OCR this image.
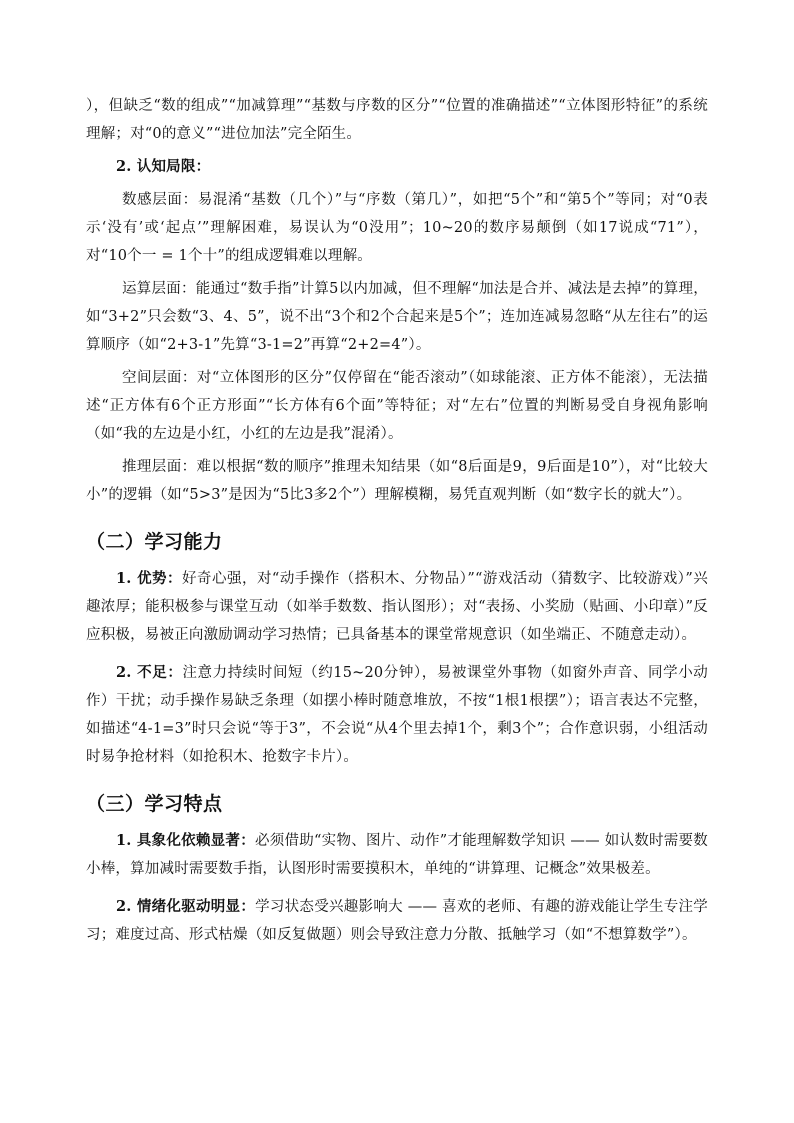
），但缺乏“数的组成”“加减算理”“基数与序数的区分”“位置的准确描述”“立体图形特征”的系统理解；对“0的意义”“进位加法”完全陌生。

2. 认知局限：

数感层面：易混淆“基数（几个）”与“序数（第几）”，如把“5个”和“第5个”等同；对“0表示‘没有’或‘起点’”理解困难，易误认为“0没用”；10~20的数序易颠倒（如17说成“71”），对“10个一 = 1个十”的组成逻辑难以理解。

运算层面：能通过“数手指”计算5以内加减，但不理解“加法是合并、减法是去掉”的算理，如“3+2”只会数“3、4、5”，说不出“3个和2个合起来是5个”；连加连减易忽略“从左往右”的运算顺序（如“2+3-1”先算“3-1=2”再算“2+2=4”）。

空间层面：对“立体图形的区分”仅停留在“能否滚动”（如球能滚、正方体不能滚），无法描述“正方体有6个正方形面”“长方体有6个面”等特征；对“左右”位置的判断易受自身视角影响（如“我的左边是小红，小红的左边是我”混淆）。

推理层面：难以根据“数的顺序”推理未知结果（如“8后面是9，9后面是10”），对“比较大小”的逻辑（如“5>3”是因为“5比3多2个”）理解模糊，易凭直观判断（如“数字长的就大”）。

（二）学习能力

1. 优势：好奇心强，对“动手操作（搭积木、分物品）”“游戏活动（猜数字、比较游戏）”兴趣浓厚；能积极参与课堂互动（如举手数数、指认图形）；对“表扬、小奖励（贴画、小印章）”反应积极，易被正向激励调动学习热情；已具备基本的课堂常规意识（如坐端正、不随意走动）。

2. 不足：注意力持续时间短（约15~20分钟），易被课堂外事物（如窗外声音、同学小动作）干扰；动手操作易缺乏条理（如摆小棒时随意堆放，不按“1根1根摆”）；语言表达不完整，如描述“4-1=3”时只会说“等于3”，不会说“从4个里去掉1个，剩3个”；合作意识弱，小组活动时易争抢材料（如抢积木、抢数字卡片）。

（三）学习特点

1. 具象化依赖显著：必须借助“实物、图片、动作”才能理解数学知识 —— 如认数时需要数小棒，算加减时需要数手指，认图形时需要摸积木，单纯的“讲算理、记概念”效果极差。

2. 情绪化驱动明显：学习状态受兴趣影响大 —— 喜欢的老师、有趣的游戏能让学生专注学习；难度过高、形式枯燥（如反复做题）则会导致注意力分散、抵触学习（如“不想算数学”）。
